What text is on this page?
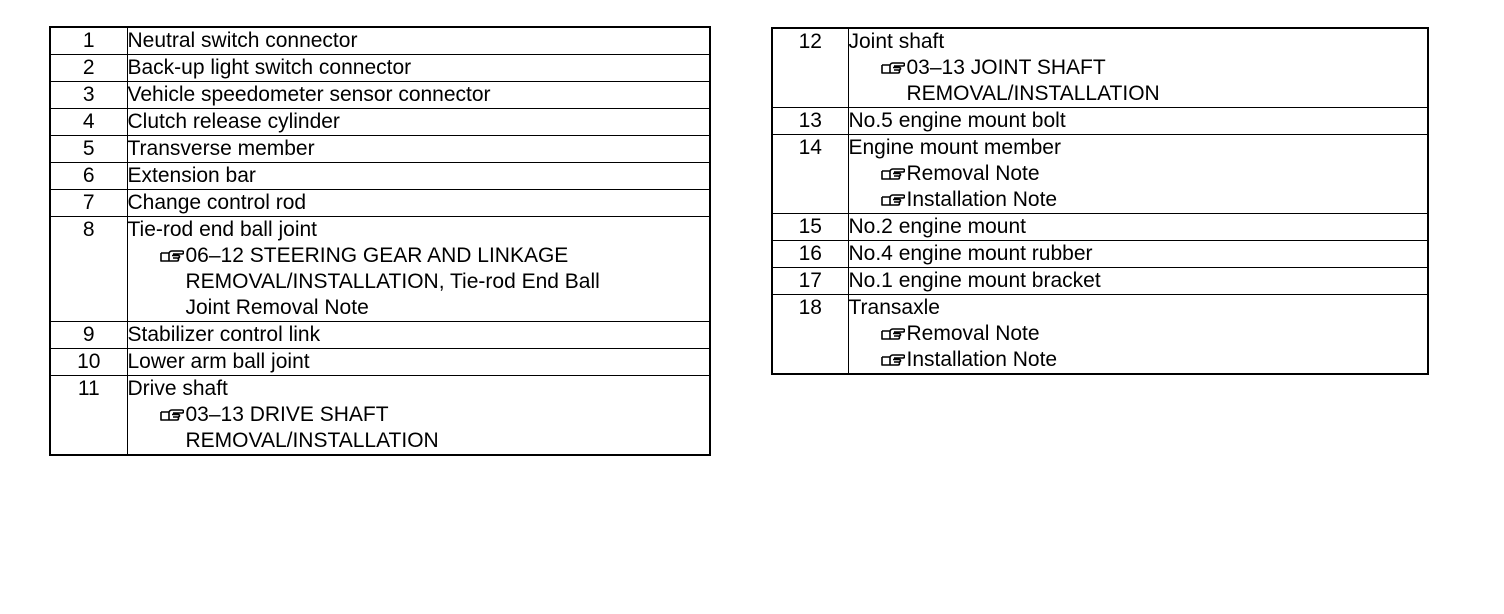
1	Neutral switch connector

2	Back-up light switch connector

3	Vehicle speedometer sensor connector

4	Clutch release cylinder

5	Transverse member

6	Extension bar

7	Change control rod

8	Tie-rod end ball joint
06–12 STEERING GEAR AND LINKAGE
REMOVAL/INSTALLATION, Tie-rod End Ball
Joint Removal Note

9	Stabilizer control link

10	Lower arm ball joint

11	Drive shaft
03–13 DRIVE SHAFT
REMOVAL/INSTALLATION
12	Joint shaft
03–13 JOINT SHAFT
REMOVAL/INSTALLATION

13	No.5 engine mount bolt

14	Engine mount member
Removal Note
Installation Note

15	No.2 engine mount

16	No.4 engine mount rubber

17	No.1 engine mount bracket

18	Transaxle
Removal Note
Installation Note
